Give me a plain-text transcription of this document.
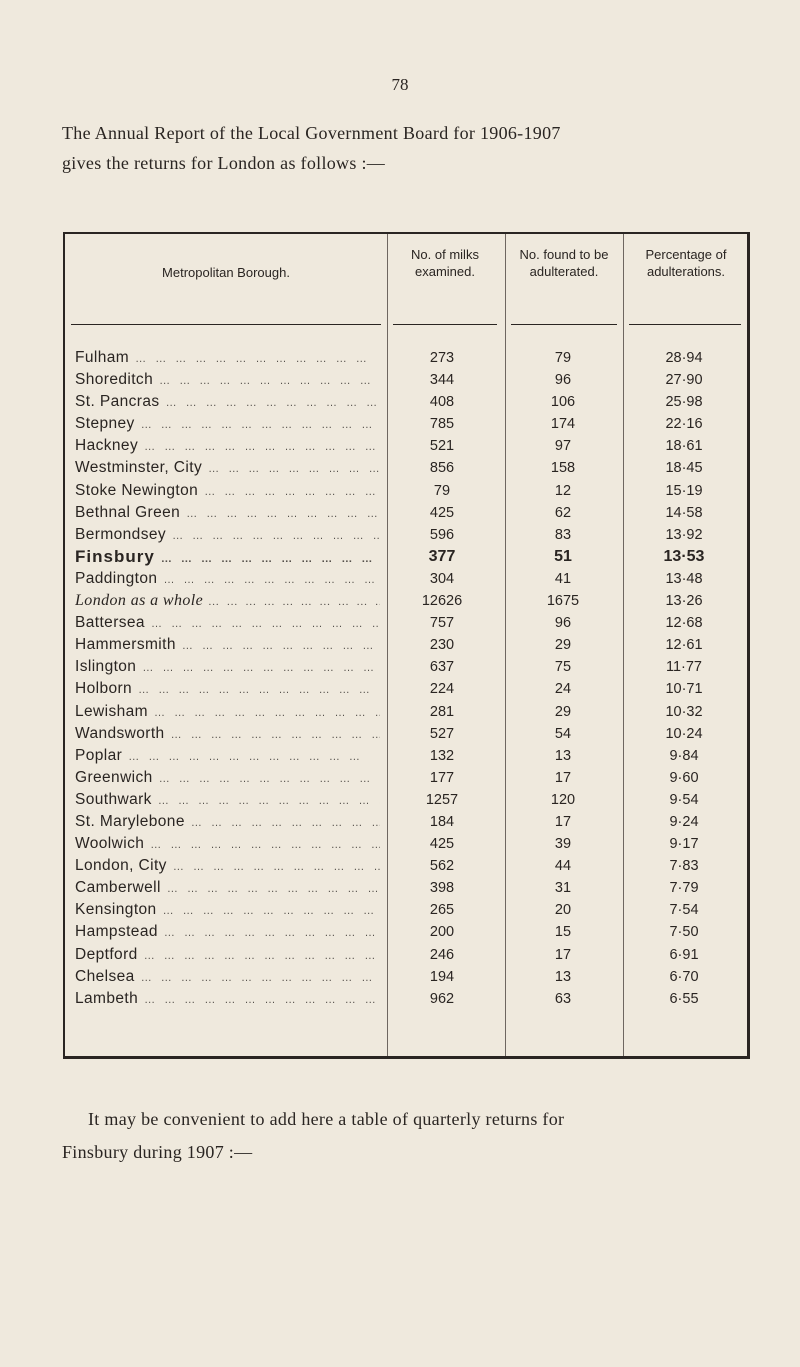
78
The Annual Report of the Local Government Board for 1906-1907
gives the returns for London as follows :—
Metropolitan Borough.
No. of milks examined.
No. found to be adulterated.
Percentage of adulterations.
Fulham … … … … … … … … … … … …	273	79	28·94
Shoreditch … … … … … … … … … … … …	344	96	27·90
St. Pancras … … … … … … … … … … … …	408	106	25·98
Stepney … … … … … … … … … … … …	785	174	22·16
Hackney … … … … … … … … … … … …	521	97	18·61
Westminster, City … … … … … … … … … … … …	856	158	18·45
Stoke Newington … … … … … … … … … … … …	79	12	15·19
Bethnal Green … … … … … … … … … … … …	425	62	14·58
Bermondsey … … … … … … … … … … … …	596	83	13·92
Finsbury … … … … … … … … … … … …	377	51	13·53
Paddington … … … … … … … … … … … …	304	41	13·48
London as a whole … … … … … … … … … … … …	12626	1675	13·26
Battersea … … … … … … … … … … … …	757	96	12·68
Hammersmith … … … … … … … … … … … …	230	29	12·61
Islington … … … … … … … … … … … …	637	75	11·77
Holborn … … … … … … … … … … … …	224	24	10·71
Lewisham … … … … … … … … … … … …	281	29	10·32
Wandsworth … … … … … … … … … … … …	527	54	10·24
Poplar … … … … … … … … … … … …	132	13	9·84
Greenwich … … … … … … … … … … … …	177	17	9·60
Southwark … … … … … … … … … … … …	1257	120	9·54
St. Marylebone … … … … … … … … … … … …	184	17	9·24
Woolwich … … … … … … … … … … … …	425	39	9·17
London, City … … … … … … … … … … … …	562	44	7·83
Camberwell … … … … … … … … … … … …	398	31	7·79
Kensington … … … … … … … … … … … …	265	20	7·54
Hampstead … … … … … … … … … … … …	200	15	7·50
Deptford … … … … … … … … … … … …	246	17	6·91
Chelsea … … … … … … … … … … … …	194	13	6·70
Lambeth … … … … … … … … … … … …	962	63	6·55
It may be convenient to add here a table of quarterly returns for
Finsbury during 1907 :—
